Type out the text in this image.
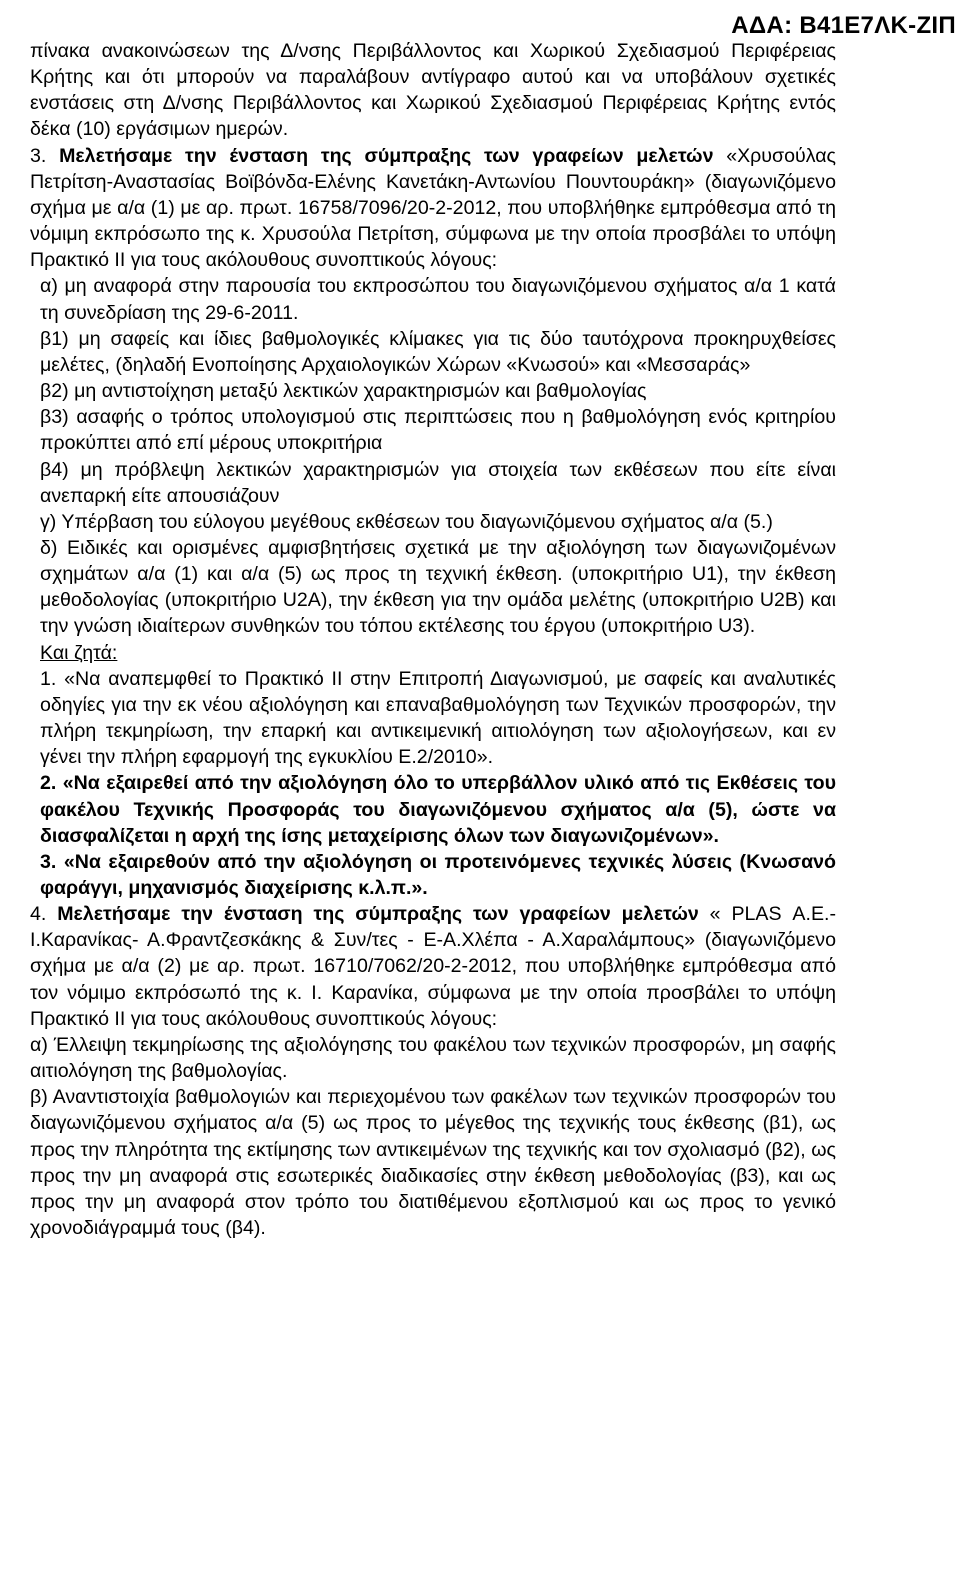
ΑΔΑ: Β41Ε7ΛΚ-ΖΙΠ

πίνακα ανακοινώσεων της Δ/νσης Περιβάλλοντος και Χωρικού Σχεδιασμού Περιφέρειας Κρήτης και ότι μπορούν να παραλάβουν αντίγραφο αυτού και να υποβάλουν σχετικές ενστάσεις στη Δ/νσης Περιβάλλοντος και Χωρικού Σχεδιασμού Περιφέρειας Κρήτης εντός δέκα (10) εργάσιμων ημερών.

3. Μελετήσαμε την ένσταση της σύμπραξης των γραφείων μελετών «Χρυσούλας Πετρίτση-Αναστασίας Βοϊβόνδα-Ελένης Κανετάκη-Αντωνίου Πουντουράκη» (διαγωνιζόμενο σχήμα με α/α (1) με αρ. πρωτ. 16758/7096/20-2-2012, που υποβλήθηκε εμπρόθεσμα από τη νόμιμη εκπρόσωπο της κ. Χρυσούλα Πετρίτση, σύμφωνα με την οποία προσβάλει το υπόψη Πρακτικό ΙΙ για τους ακόλουθους συνοπτικούς λόγους:

α) μη αναφορά στην παρουσία του εκπροσώπου του διαγωνιζόμενου σχήματος α/α 1 κατά τη συνεδρίαση της 29-6-2011.

β1) μη σαφείς και ίδιες βαθμολογικές κλίμακες για τις δύο ταυτόχρονα προκηρυχθείσες μελέτες, (δηλαδή Ενοποίησης Αρχαιολογικών Χώρων «Κνωσού» και «Μεσσαράς»

β2) μη αντιστοίχηση μεταξύ λεκτικών χαρακτηρισμών και βαθμολογίας

β3) ασαφής ο τρόπος υπολογισμού στις περιπτώσεις που η βαθμολόγηση ενός κριτηρίου προκύπτει από επί μέρους υποκριτήρια

β4) μη πρόβλεψη λεκτικών χαρακτηρισμών για στοιχεία των εκθέσεων που είτε είναι ανεπαρκή είτε απουσιάζουν

γ) Υπέρβαση του εύλογου μεγέθους εκθέσεων του διαγωνιζόμενου σχήματος α/α (5.)

δ) Ειδικές και ορισμένες αμφισβητήσεις σχετικά με την αξιολόγηση των διαγωνιζομένων σχημάτων α/α (1) και α/α (5) ως προς τη τεχνική έκθεση. (υποκριτήριο U1), την έκθεση μεθοδολογίας (υποκριτήριο U2A), την έκθεση για την ομάδα μελέτης (υποκριτήριο U2B) και την γνώση ιδιαίτερων συνθηκών του τόπου εκτέλεσης του έργου (υποκριτήριο U3).

Και ζητά:

1. «Να αναπεμφθεί το Πρακτικό ΙΙ στην Επιτροπή Διαγωνισμού, με σαφείς και αναλυτικές οδηγίες για την εκ νέου αξιολόγηση και επαναβαθμολόγηση των Τεχνικών προσφορών, την πλήρη τεκμηρίωση, την επαρκή και αντικειμενική αιτιολόγηση των αξιολογήσεων, και εν γένει την πλήρη εφαρμογή της εγκυκλίου Ε.2/2010».

2. «Να εξαιρεθεί από την αξιολόγηση όλο το υπερβάλλον υλικό από τις Εκθέσεις του φακέλου Τεχνικής Προσφοράς του διαγωνιζόμενου σχήματος α/α (5), ώστε να διασφαλίζεται η αρχή της ίσης μεταχείρισης όλων των διαγωνιζομένων».

3. «Να εξαιρεθούν από την αξιολόγηση οι προτεινόμενες τεχνικές λύσεις (Κνωσανό φαράγγι, μηχανισμός διαχείρισης κ.λ.π.».

4. Μελετήσαμε την ένσταση της σύμπραξης των γραφείων μελετών « PLAS Α.Ε.- Ι.Καρανίκας- Α.Φραντζεσκάκης & Συν/τες - Ε-Α.Χλέπα - Α.Χαραλάμπους» (διαγωνιζόμενο σχήμα με α/α (2) με αρ. πρωτ. 16710/7062/20-2-2012, που υποβλήθηκε εμπρόθεσμα από τον νόμιμο εκπρόσωπό της κ. Ι. Καρανίκα, σύμφωνα με την οποία προσβάλει το υπόψη Πρακτικό ΙΙ για τους ακόλουθους συνοπτικούς λόγους:

α) Έλλειψη τεκμηρίωσης της αξιολόγησης του φακέλου των τεχνικών προσφορών, μη σαφής αιτιολόγηση της βαθμολογίας.

β) Αναντιστοιχία βαθμολογιών και περιεχομένου των φακέλων των τεχνικών προσφορών του διαγωνιζόμενου σχήματος α/α (5) ως προς το μέγεθος της τεχνικής τους έκθεσης (β1), ως προς την πληρότητα της εκτίμησης των αντικειμένων της τεχνικής και τον σχολιασμό (β2), ως προς την μη αναφορά στις εσωτερικές διαδικασίες στην έκθεση μεθοδολογίας (β3), και ως προς την μη αναφορά στον τρόπο του διατιθέμενου εξοπλισμού και ως προς το γενικό χρονοδιάγραμμά τους (β4).
